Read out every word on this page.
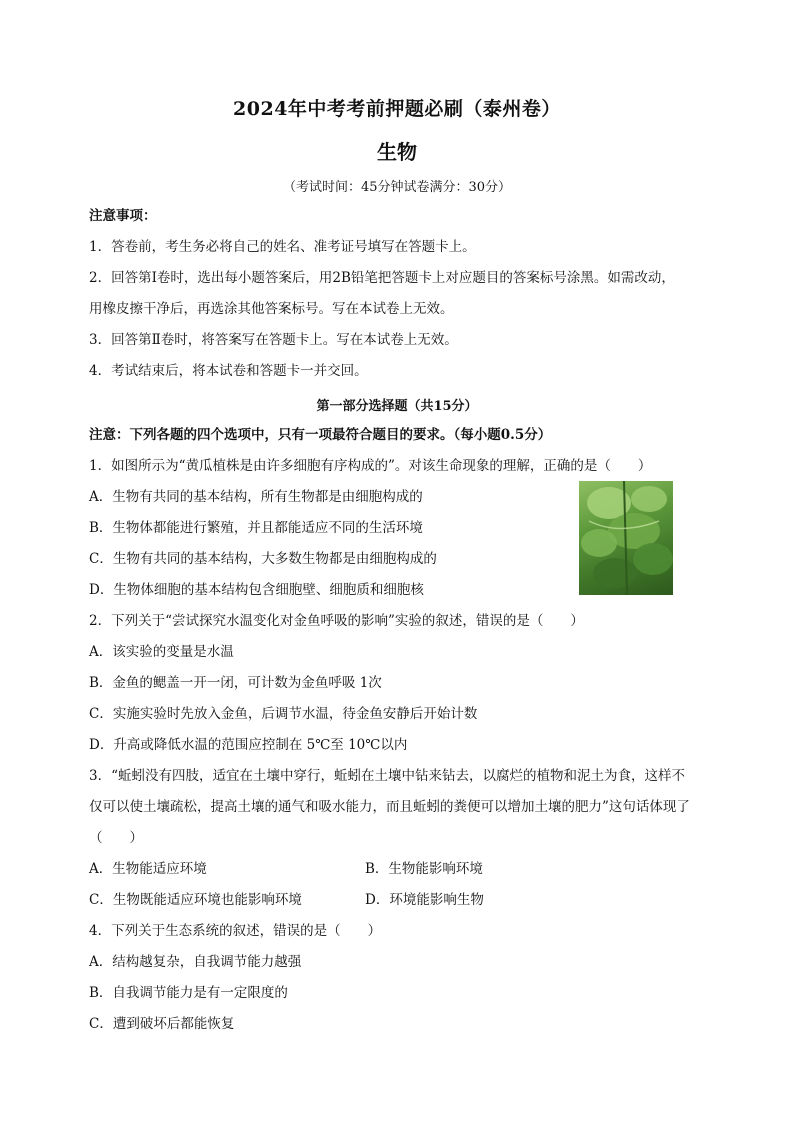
2024年中考考前押题必刷（泰州卷）
生物
（考试时间：45分钟试卷满分：30分）
注意事项：
1．答卷前，考生务必将自己的姓名、准考证号填写在答题卡上。
2．回答第Ⅰ卷时，选出每小题答案后，用2B铅笔把答题卡上对应题目的答案标号涂黑。如需改动，
用橡皮擦干净后，再选涂其他答案标号。写在本试卷上无效。
3．回答第Ⅱ卷时，将答案写在答题卡上。写在本试卷上无效。
4．考试结束后，将本试卷和答题卡一并交回。
第一部分选择题（共15分）
注意：下列各题的四个选项中，只有一项最符合题目的要求。（每小题0.5分）
1．如图所示为“黄瓜植株是由许多细胞有序构成的”。对该生命现象的理解，正确的是（　　）
A．生物有共同的基本结构，所有生物都是由细胞构成的
B．生物体都能进行繁殖，并且都能适应不同的生活环境
C．生物有共同的基本结构，大多数生物都是由细胞构成的
D．生物体细胞的基本结构包含细胞壁、细胞质和细胞核
2．下列关于“尝试探究水温变化对金鱼呼吸的影响”实验的叙述，错误的是（　　）
A．该实验的变量是水温
B．金鱼的鳃盖一开一闭，可计数为金鱼呼吸 1次
C．实施实验时先放入金鱼，后调节水温，待金鱼安静后开始计数
D．升高或降低水温的范围应控制在 5℃至 10℃以内
3．“蚯蚓没有四肢，适宜在土壤中穿行，蚯蚓在土壤中钻来钻去，以腐烂的植物和泥土为食，这样不
仅可以使土壤疏松，提高土壤的通气和吸水能力，而且蚯蚓的粪便可以增加土壤的肥力”这句话体现了
（　　）
A．生物能适应环境	B．生物能影响环境
C．生物既能适应环境也能影响环境	D．环境能影响生物
4．下列关于生态系统的叙述，错误的是（　　）
A．结构越复杂，自我调节能力越强
B．自我调节能力是有一定限度的
C．遭到破坏后都能恢复
